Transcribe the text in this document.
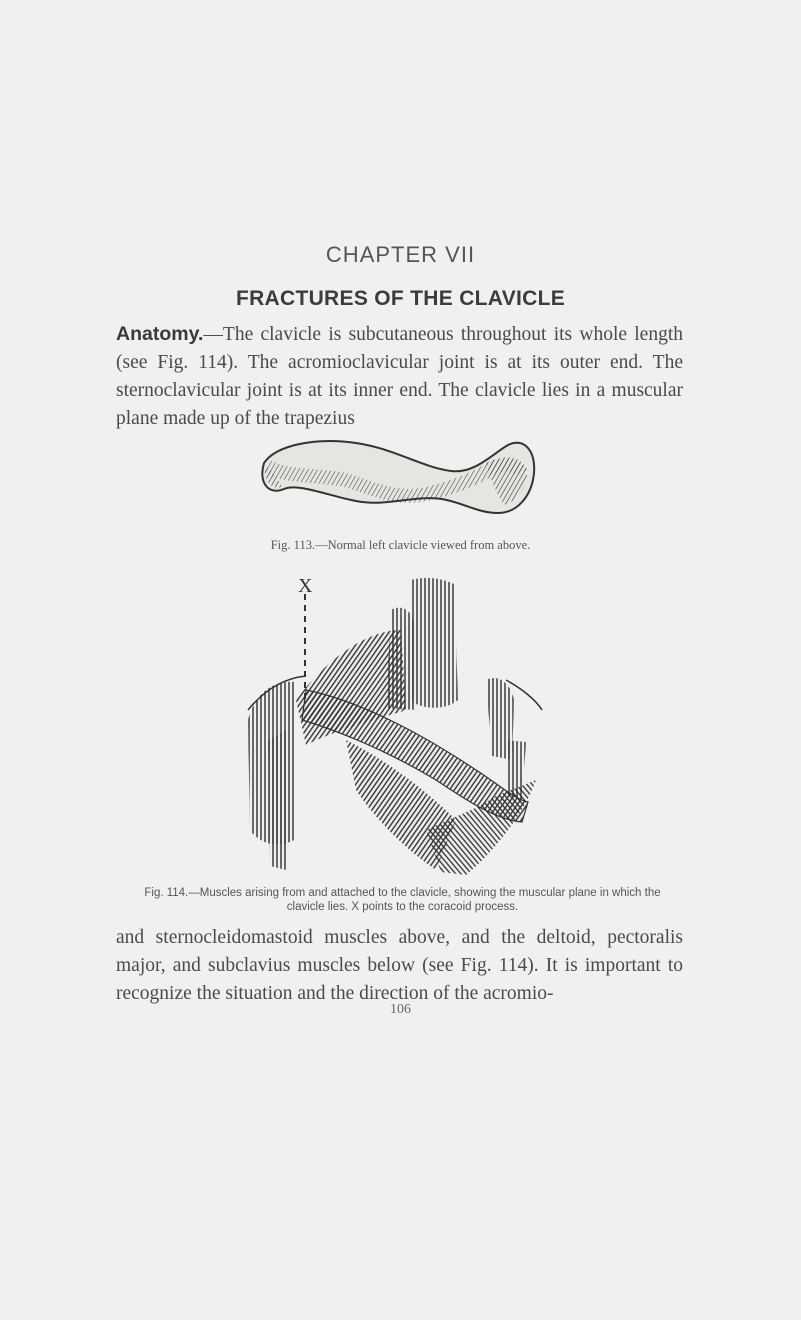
CHAPTER VII
FRACTURES OF THE CLAVICLE
Anatomy.—The clavicle is subcutaneous throughout its whole length (see Fig. 114). The acromioclavicular joint is at its outer end. The sternoclavicular joint is at its inner end. The clavicle lies in a muscular plane made up of the trapezius
Fig. 113.—Normal left clavicle viewed from above.
X
Fig. 114.—Muscles arising from and attached to the clavicle, showing the muscular plane in which the clavicle lies. X points to the coracoid process.
and sternocleidomastoid muscles above, and the deltoid, pectoralis major, and subclavius muscles below (see Fig. 114). It is important to recognize the situation and the direction of the acromio-
106
